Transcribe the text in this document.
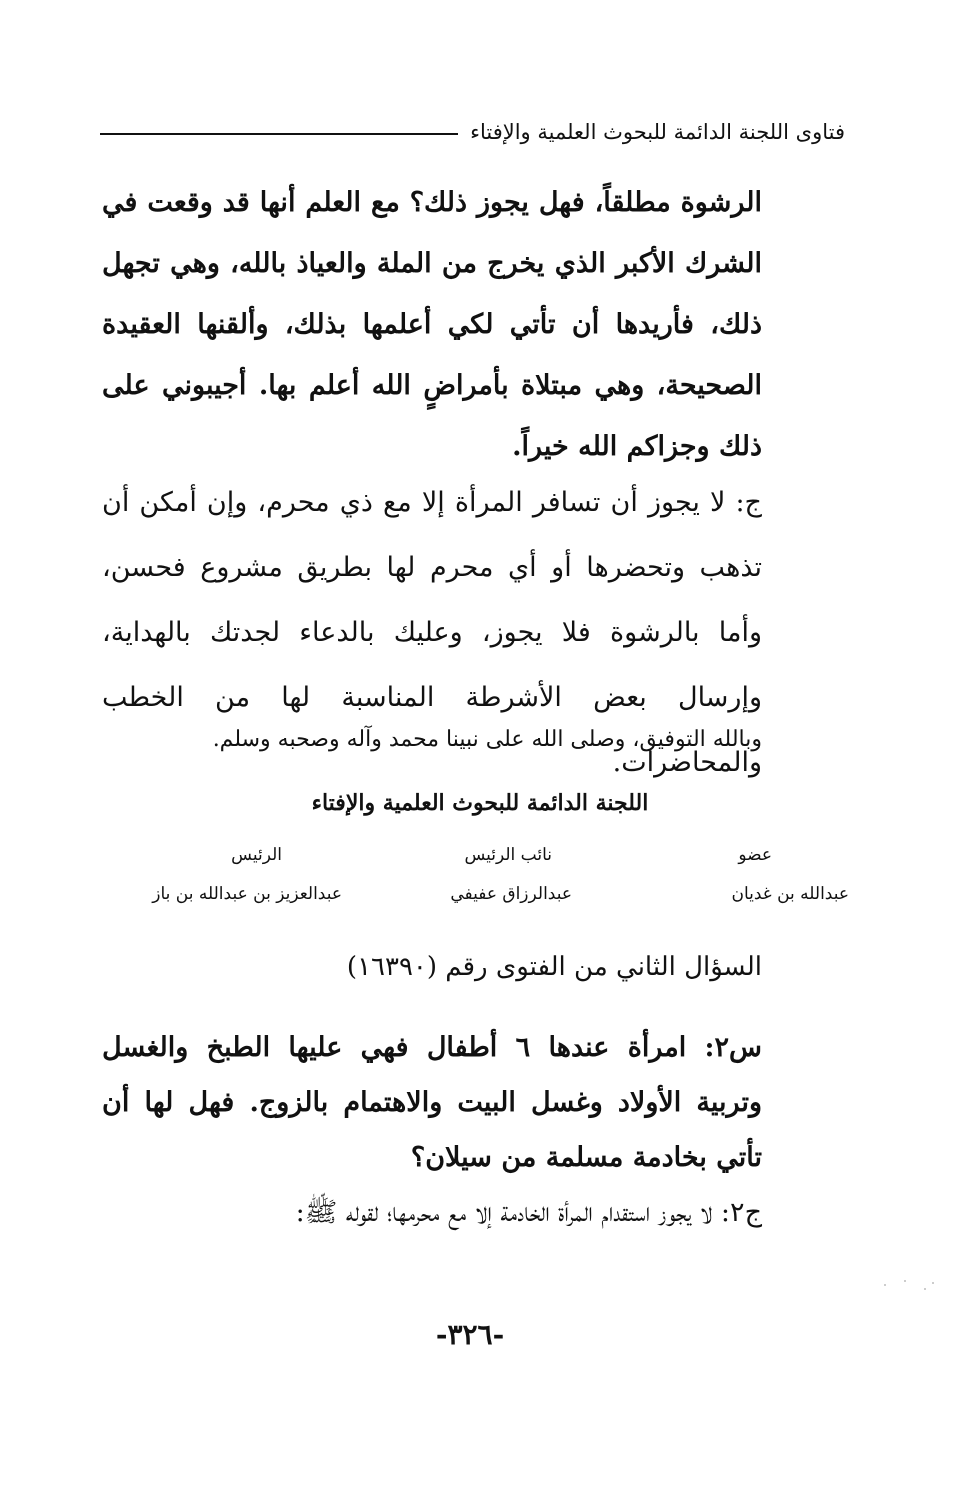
فتاوى اللجنة الدائمة للبحوث العلمية والإفتاء
الرشوة مطلقاً، فهل يجوز ذلك؟ مع العلم أنها قد وقعت في الشرك الأكبر الذي يخرج من الملة والعياذ بالله، وهي تجهل ذلك، فأريدها أن تأتي لكي أعلمها بذلك، وألقنها العقيدة الصحيحة، وهي مبتلاة بأمراضٍ الله أعلم بها. أجيبوني على ذلك وجزاكم الله خيراً.
ج: لا يجوز أن تسافر المرأة إلا مع ذي محرم، وإن أمكن أن تذهب وتحضرها أو أي محرم لها بطريق مشروع فحسن، وأما بالرشوة فلا يجوز، وعليك بالدعاء لجدتك بالهداية، وإرسال بعض الأشرطة المناسبة لها من الخطب والمحاضرات.
وبالله التوفيق، وصلى الله على نبينا محمد وآله وصحبه وسلم.
اللجنة الدائمة للبحوث العلمية والإفتاء
عضو
نائب الرئيس
الرئيس
عبدالله بن غديان
عبدالرزاق عفيفي
عبدالعزيز بن عبدالله بن باز
السؤال الثاني من الفتوى رقم (١٦٣٩٠)
س٢: امرأة عندها ٦ أطفال فهي عليها الطبخ والغسل وتربية الأولاد وغسل البيت والاهتمام بالزوج. فهل لها أن تأتي بخادمة مسلمة من سيلان؟
ج٢: لا يجوز استقدام المرأة الخادمة إلا مع محرمها؛ لقوله ﷺ:
-٣٢٦-
